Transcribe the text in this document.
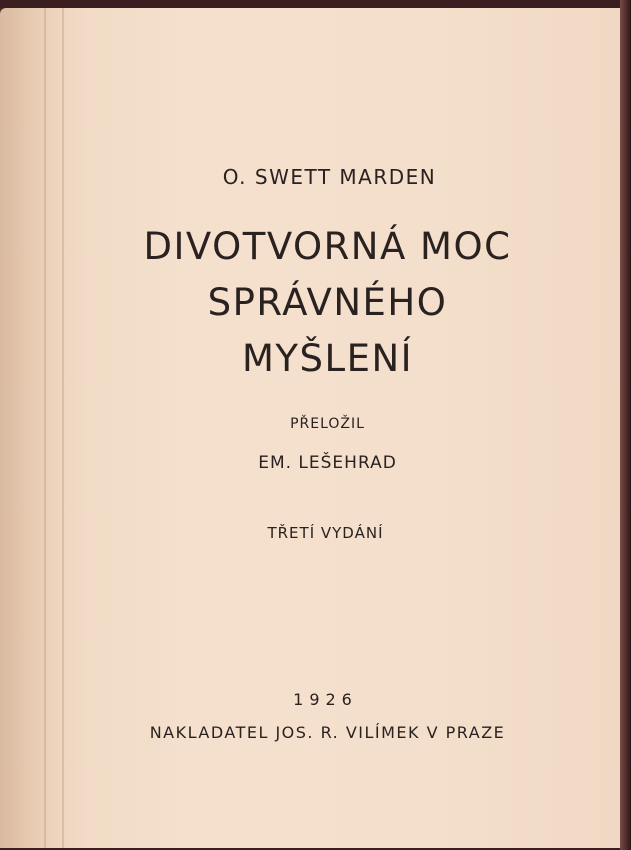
O. SWETT MARDEN
DIVOTVORNÁ MOC
SPRÁVNÉHO
MYŠLENÍ
PŘELOŽIL
EM. LEŠEHRAD
TŘETÍ VYDÁNÍ
1926
NAKLADATEL JOS. R. VILÍMEK V PRAZE
